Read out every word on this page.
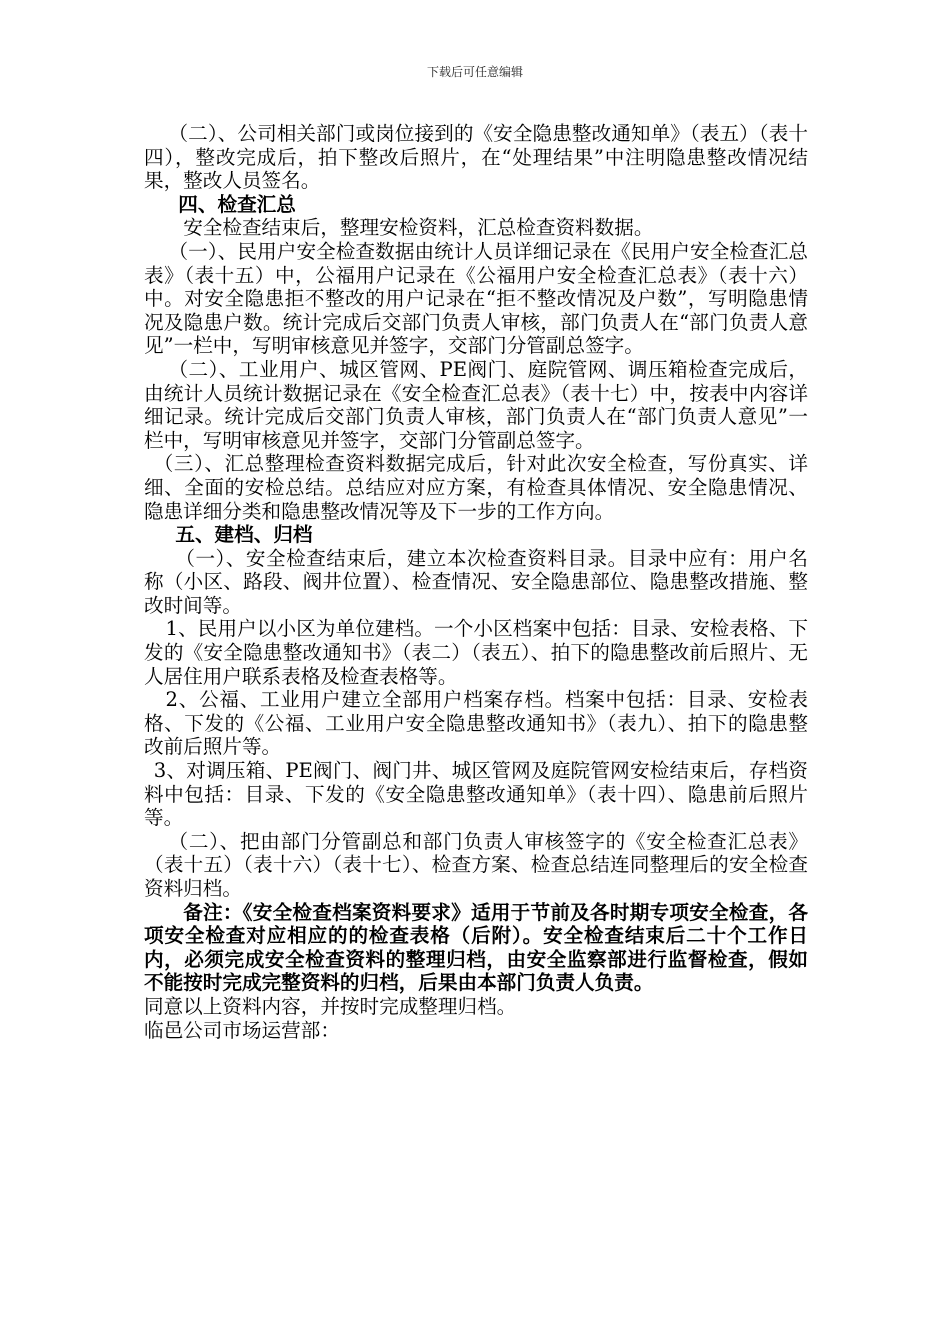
下载后可任意编辑

（二）、公司相关部门或岗位接到的《安全隐患整改通知单》（表五）（表十四），整改完成后，拍下整改后照片，在“处理结果”中注明隐患整改情况结果，整改人员签名。

四、检查汇总

安全检查结束后，整理安检资料，汇总检查资料数据。

（一）、民用户安全检查数据由统计人员详细记录在《民用户安全检查汇总表》（表十五）中，公福用户记录在《公福用户安全检查汇总表》（表十六）中。对安全隐患拒不整改的用户记录在“拒不整改情况及户数”，写明隐患情况及隐患户数。统计完成后交部门负责人审核，部门负责人在“部门负责人意见”一栏中，写明审核意见并签字，交部门分管副总签字。

（二）、工业用户、城区管网、PE阀门、庭院管网、调压箱检查完成后，由统计人员统计数据记录在《安全检查汇总表》（表十七）中，按表中内容详细记录。统计完成后交部门负责人审核，部门负责人在“部门负责人意见”一栏中，写明审核意见并签字，交部门分管副总签字。

（三）、汇总整理检查资料数据完成后，针对此次安全检查，写份真实、详细、全面的安检总结。总结应对应方案，有检查具体情况、安全隐患情况、隐患详细分类和隐患整改情况等及下一步的工作方向。

五、建档、归档

（一）、安全检查结束后，建立本次检查资料目录。目录中应有：用户名称（小区、路段、阀井位置）、检查情况、安全隐患部位、隐患整改措施、整改时间等。

1、民用户以小区为单位建档。一个小区档案中包括：目录、安检表格、下发的《安全隐患整改通知书》（表二）（表五）、拍下的隐患整改前后照片、无人居住用户联系表格及检查表格等。

2、公福、工业用户建立全部用户档案存档。档案中包括：目录、安检表格、下发的《公福、工业用户安全隐患整改通知书》（表九）、拍下的隐患整改前后照片等。

3、对调压箱、PE阀门、阀门井、城区管网及庭院管网安检结束后，存档资料中包括：目录、下发的《安全隐患整改通知单》（表十四）、隐患前后照片等。

（二）、把由部门分管副总和部门负责人审核签字的《安全检查汇总表》（表十五）（表十六）（表十七）、检查方案、检查总结连同整理后的安全检查资料归档。

备注：《安全检查档案资料要求》适用于节前及各时期专项安全检查，各项安全检查对应相应的的检查表格（后附）。安全检查结束后二十个工作日内，必须完成安全检查资料的整理归档，由安全监察部进行监督检查，假如不能按时完成完整资料的归档，后果由本部门负责人负责。

同意以上资料内容，并按时完成整理归档。

临邑公司市场运营部：
